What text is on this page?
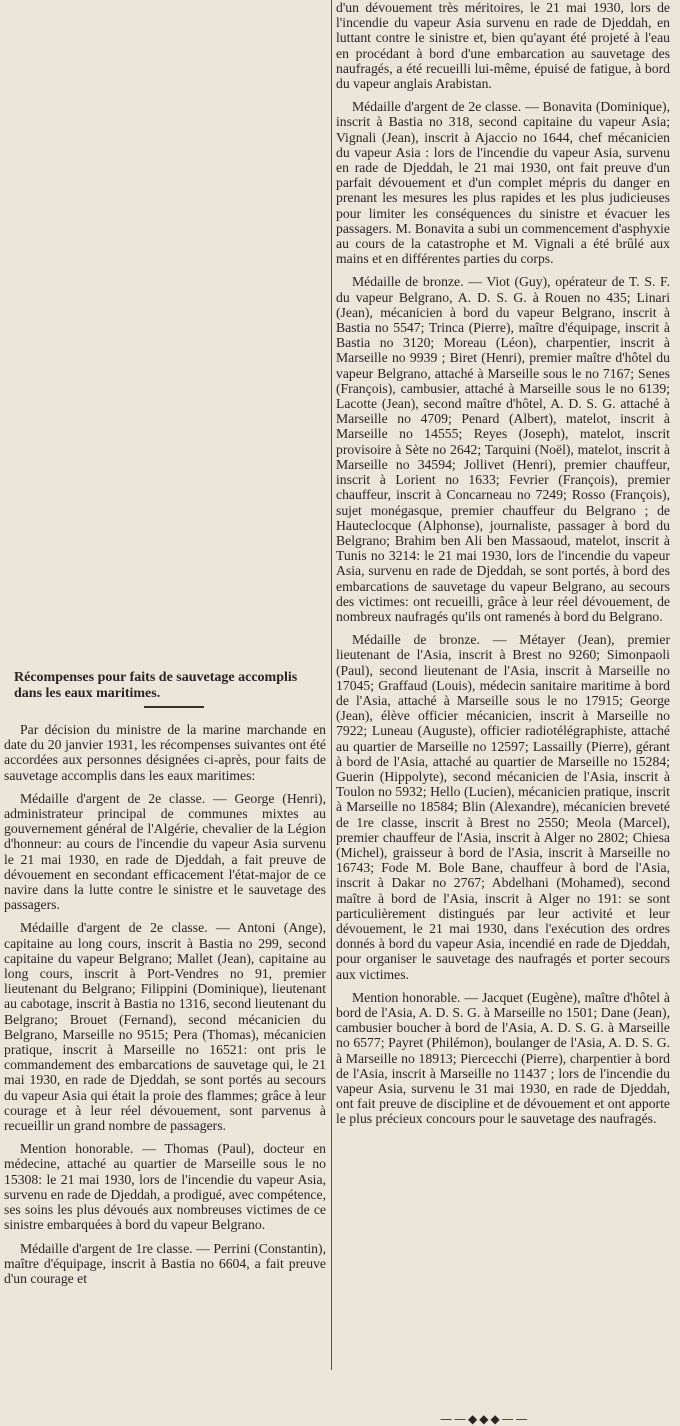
d'un dévouement très méritoires, le 21 mai 1930, lors de l'incendie du vapeur Asia survenu en rade de Djeddah, en luttant contre le sinistre et, bien qu'ayant été projeté à l'eau en procédant à bord d'une embarcation au sauvetage des naufragés, a été recueilli lui-même, épuisé de fatigue, à bord du vapeur anglais Arabistan.

Médaille d'argent de 2e classe. — Bonavita (Dominique), inscrit à Bastia no 318, second capitaine du vapeur Asia; Vignali (Jean), inscrit à Ajaccio no 1644, chef mécanicien du vapeur Asia : lors de l'incendie du vapeur Asia, survenu en rade de Djeddah, le 21 mai 1930, ont fait preuve d'un parfait dévouement et d'un complet mépris du danger en prenant les mesures les plus rapides et les plus judicieuses pour limiter les conséquences du sinistre et évacuer les passagers. M. Bonavita a subi un commencement d'asphyxie au cours de la catastrophe et M. Vignali a été brûlé aux mains et en différentes parties du corps.

Médaille de bronze. — Viot (Guy), opérateur de T. S. F. du vapeur Belgrano, A. D. S. G. à Rouen no 435; Linari (Jean), mécanicien à bord du vapeur Belgrano, inscrit à Bastia no 5547; Trinca (Pierre), maître d'équipage, inscrit à Bastia no 3120; Moreau (Léon), charpentier, inscrit à Marseille no 9939 ; Biret (Henri), premier maître d'hôtel du vapeur Belgrano, attaché à Marseille sous le no 7167; Senes (François), cambusier, attaché à Marseille sous le no 6139; Lacotte (Jean), second maître d'hôtel, A. D. S. G. attaché à Marseille no 4709; Penard (Albert), matelot, inscrit à Marseille no 14555; Reyes (Joseph), matelot, inscrit provisoire à Sète no 2642; Tarquini (Noël), matelot, inscrit à Marseille no 34594; Jollivet (Henri), premier chauffeur, inscrit à Lorient no 1633; Fevrier (François), premier chauffeur, inscrit à Concarneau no 7249; Rosso (François), sujet monégasque, premier chauffeur du Belgrano ; de Hauteclocque (Alphonse), journaliste, passager à bord du Belgrano; Brahim ben Ali ben Massaoud, matelot, inscrit à Tunis no 3214: le 21 mai 1930, lors de l'incendie du vapeur Asia, survenu en rade de Djeddah, se sont portés, à bord des embarcations de sauvetage du vapeur Belgrano, au secours des victimes: ont recueilli, grâce à leur réel dévouement, de nombreux naufragés qu'ils ont ramenés à bord du Belgrano.

Médaille de bronze. — Métayer (Jean), premier lieutenant de l'Asia, inscrit à Brest no 9260; Simonpaoli (Paul), second lieutenant de l'Asia, inscrit à Marseille no 17045; Graffaud (Louis), médecin sanitaire maritime à bord de l'Asia, attaché à Marseille sous le no 17915; George (Jean), élève officier mécanicien, inscrit à Marseille no 7922; Luneau (Auguste), officier radiotélégraphiste, attaché au quartier de Marseille no 12597; Lassailly (Pierre), gérant à bord de l'Asia, attaché au quartier de Marseille no 15284; Guerin (Hippolyte), second mécanicien de l'Asia, inscrit à Toulon no 5932; Hello (Lucien), mécanicien pratique, inscrit à Marseille no 18584; Blin (Alexandre), mécanicien breveté de 1re classe, inscrit à Brest no 2550; Meola (Marcel), premier chauffeur de l'Asia, inscrit à Alger no 2802; Chiesa (Michel), graisseur à bord de l'Asia, inscrit à Marseille no 16743; Fode M. Bole Bane, chauffeur à bord de l'Asia, inscrit à Dakar no 2767; Abdelhani (Mohamed), second maître à bord de l'Asia, inscrit à Alger no 191: se sont particulièrement distingués par leur activité et leur dévouement, le 21 mai 1930, dans l'exécution des ordres donnés à bord du vapeur Asia, incendié en rade de Djeddah, pour organiser le sauvetage des naufragés et porter secours aux victimes.

Mention honorable. — Jacquet (Eugène), maître d'hôtel à bord de l'Asia, A. D. S. G. à Marseille no 1501; Dane (Jean), cambusier boucher à bord de l'Asia, A. D. S. G. à Marseille no 6577; Payret (Philémon), boulanger de l'Asia, A. D. S. G. à Marseille no 18913; Piercecchi (Pierre), charpentier à bord de l'Asia, inscrit à Marseille no 11437 ; lors de l'incendie du vapeur Asia, survenu le 31 mai 1930, en rade de Djeddah, ont fait preuve de discipline et de dévouement et ont apporte le plus précieux concours pour le sauvetage des naufragés.

——◆◆◆——
Récompenses pour faits de sauvetage accomplis dans les eaux maritimes.

Par décision du ministre de la marine marchande en date du 20 janvier 1931, les récompenses suivantes ont été accordées aux personnes désignées ci-après, pour faits de sauvetage accomplis dans les eaux maritimes:

Médaille d'argent de 2e classe. — George (Henri), administrateur principal de communes mixtes au gouvernement général de l'Algérie, chevalier de la Légion d'honneur: au cours de l'incendie du vapeur Asia survenu le 21 mai 1930, en rade de Djeddah, a fait preuve de dévouement en secondant efficacement l'état-major de ce navire dans la lutte contre le sinistre et le sauvetage des passagers.

Médaille d'argent de 2e classe. — Antoni (Ange), capitaine au long cours, inscrit à Bastia no 299, second capitaine du vapeur Belgrano; Mallet (Jean), capitaine au long cours, inscrit à Port-Vendres no 91, premier lieutenant du Belgrano; Filippini (Dominique), lieutenant au cabotage, inscrit à Bastia no 1316, second lieutenant du Belgrano; Brouet (Fernand), second mécanicien du Belgrano, Marseille no 9515; Pera (Thomas), mécanicien pratique, inscrit à Marseille no 16521: ont pris le commandement des embarcations de sauvetage qui, le 21 mai 1930, en rade de Djeddah, se sont portés au secours du vapeur Asia qui était la proie des flammes; grâce à leur courage et à leur réel dévouement, sont parvenus à recueillir un grand nombre de passagers.

Mention honorable. — Thomas (Paul), docteur en médecine, attaché au quartier de Marseille sous le no 15308: le 21 mai 1930, lors de l'incendie du vapeur Asia, survenu en rade de Djeddah, a prodigué, avec compétence, ses soins les plus dévoués aux nombreuses victimes de ce sinistre embarquées à bord du vapeur Belgrano.

Médaille d'argent de 1re classe. — Perrini (Constantin), maître d'équipage, inscrit à Bastia no 6604, a fait preuve d'un courage et
